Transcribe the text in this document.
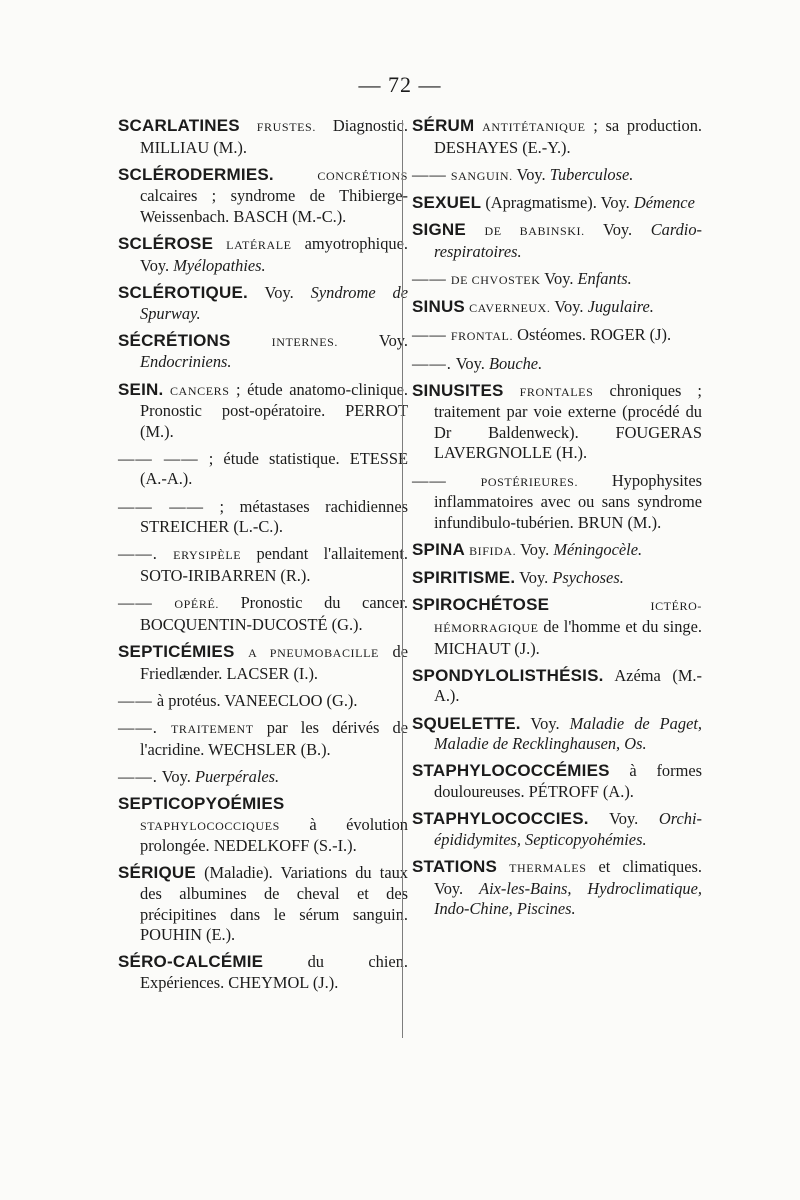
— 72 —
SCARLATINES FRUSTES. Diagnostic. MILLIAU (M.).
SCLÉRODERMIES.	CONCRÉTIONS calcaires ; syndrome de Thibierge-Weissenbach. BASCH (M.-C.).
SCLÉROSE LATÉRALE amyotrophique. Voy. Myélopathies.
SCLÉROTIQUE. Voy. Syndrome de Spurway.
SÉCRÉTIONS	INTERNES. Voy. Endocriniens.
SEIN. CANCERS ; étude anatomo-clinique. Pronostic post-opératoire. PERROT (M.).
—— —— ; étude statistique. ETESSE (A.-A.).
—— —— ; métastases rachidiennes STREICHER (L.-C.).
——. ERYSIPÈLE pendant l'allaitement. SOTO-IRIBARREN (R.).
—— OPÉRÉ. Pronostic du cancer. BOCQUENTIN-DUCOSTÉ (G.).
SEPTICÉMIES A PNEUMOBACILLE de Friedlænder. LACSER (I.).
—— à protéus. VANEECLOO (G.).
——. TRAITEMENT par les dérivés de l'acridine. WECHSLER (B.).
——. Voy. Puerpérales.
SEPTICOPYOÉMIES STAPHYLOCOCCIQUES à évolution prolongée. NEDELKOFF (S.-I.).
SÉRIQUE (Maladie). Variations du taux des albumines de cheval et des précipitines dans le sérum sanguin. POUHIN (E.).
SÉRO-CALCÉMIE du chien. Expériences. CHEYMOL (J.).
SÉRUM ANTITÉTANIQUE ; sa production. DESHAYES (E.-Y.).
—— SANGUIN. Voy. Tuberculose.
SEXUEL (Apragmatisme). Voy. Démence
SIGNE DE BABINSKI. Voy. Cardio-respiratoires.
—— DE CHVOSTEK Voy. Enfants.
SINUS CAVERNEUX. Voy. Jugulaire.
—— FRONTAL. Ostéomes. ROGER (J).
——. Voy. Bouche.
SINUSITES FRONTALES chroniques ; traitement par voie externe (procédé du Dr Baldenweck). FOUGERAS LAVERGNOLLE (H.).
——	POSTÉRIEURES. Hypophysites inflammatoires avec ou sans syndrome infundibulo-tubérien. BRUN (M.).
SPINA BIFIDA. Voy. Méningocèle.
SPIRITISME. Voy. Psychoses.
SPIROCHÉTOSE	ICTÉRO-HÉMORRAGIQUE de l'homme et du singe. MICHAUT (J.).
SPONDYLOLISTHÉSIS. Azéma (M.-A.).
SQUELETTE. Voy. Maladie de Paget, Maladie de Recklinghausen, Os.
STAPHYLOCOCCÉMIES à formes douloureuses. PÉTROFF (A.).
STAPHYLOCOCCIES. Voy. Orchi-épididymites, Septicopyohémies.
STATIONS THERMALES et climatiques. Voy. Aix-les-Bains, Hydroclimatique, Indo-Chine, Piscines.
